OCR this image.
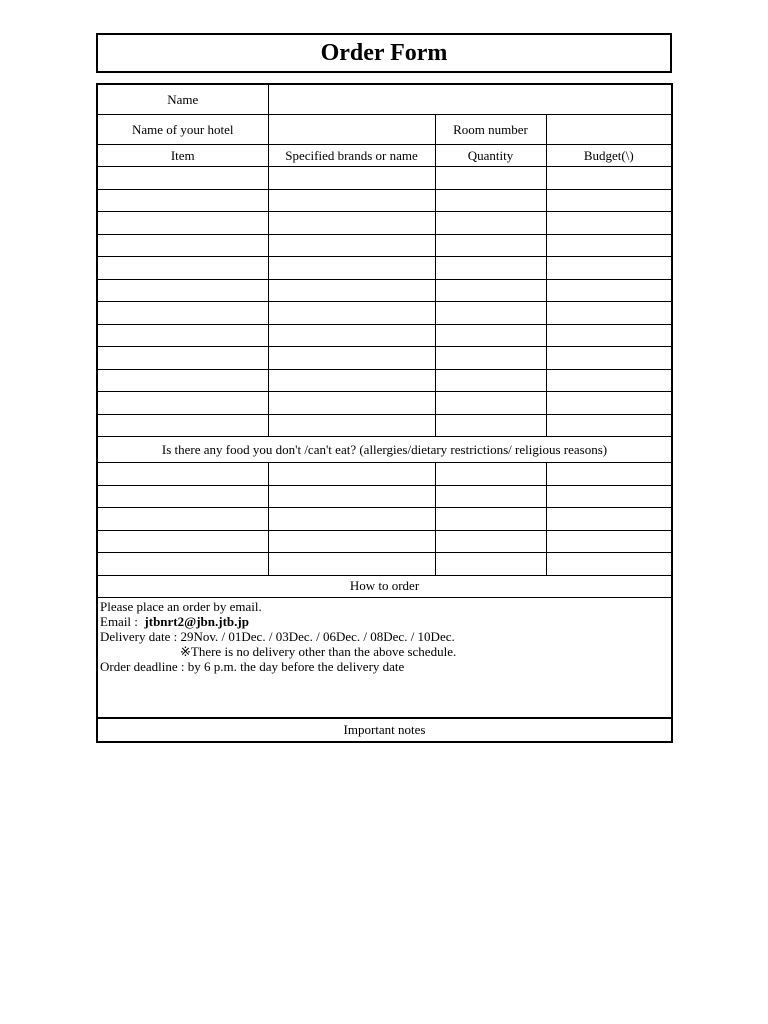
Order Form
Name			
Name of your hotel		Room number	
Item	Specified brands or name	Quantity	Budget(\)

Is there any food you don't /can't eat? (allergies/dietary restrictions/ religious reasons)			

How to order			

Please place an order by email.
Email : jtbnrt2@jbn.jtb.jp
Delivery date : 29Nov. / 01Dec. / 03Dec. / 06Dec. / 08Dec. / 10Dec.
※There is no delivery other than the above schedule.
Order deadline : by 6 p.m. the day before the delivery date			

Important notes			
